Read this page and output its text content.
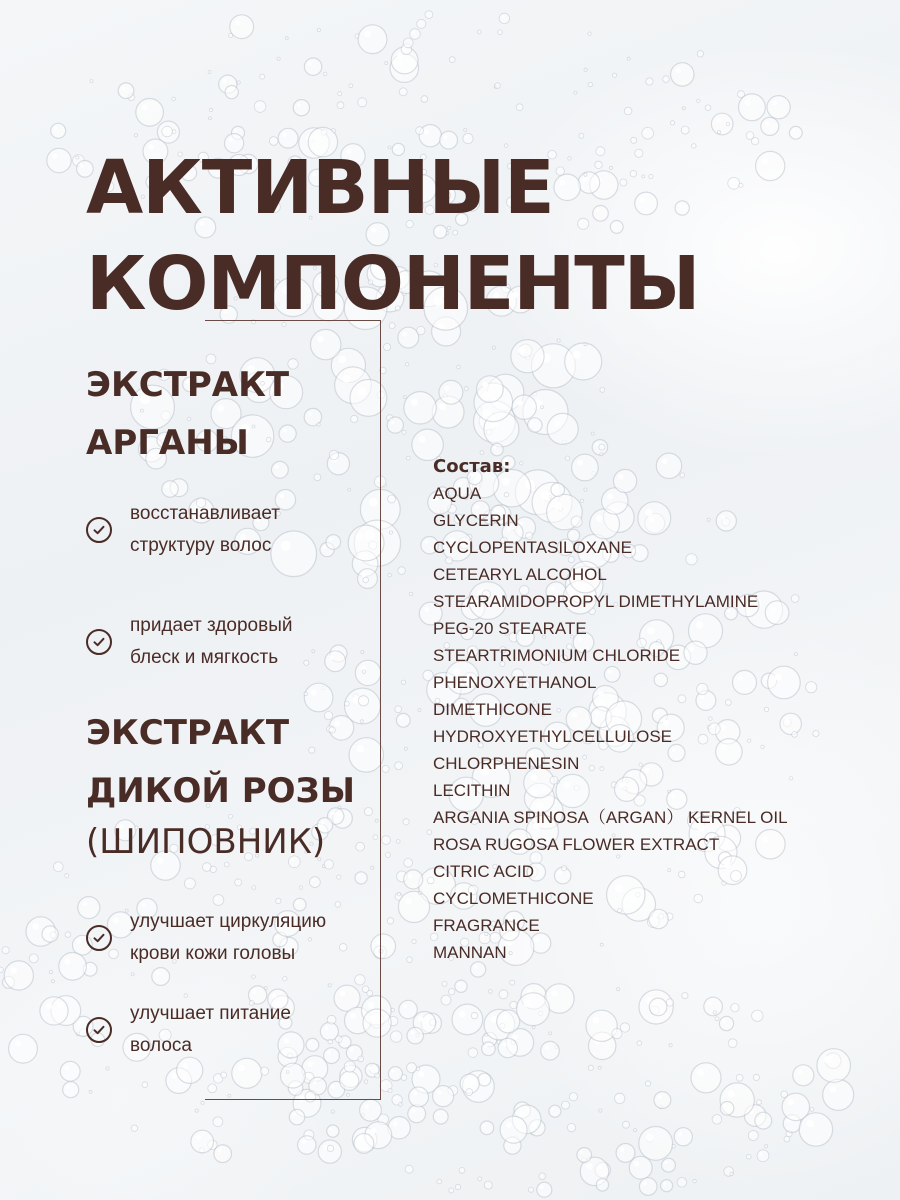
АКТИВНЫЕ
КОМПОНЕНТЫ
ЭКСТРАКТ
АРГАНЫ
восстанавливает
структуру волос
придает здоровый
блеск и мягкость
ЭКСТРАКТ
ДИКОЙ РОЗЫ

(ШИПОВНИК)

улучшает циркуляцию
крови кожи головы
улучшает питание
волоса
Состав:
AQUA
GLYCERIN
CYCLOPENTASILOXANE
CETEARYL ALCOHOL
STEARAMIDOPROPYL DIMETHYLAMINE
PEG-20 STEARATE
STEARTRIMONIUM CHLORIDE
PHENOXYETHANOL
DIMETHICONE
HYDROXYETHYLCELLULOSE
CHLORPHENESIN
LECITHIN
ARGANIA SPINOSA（ARGAN） KERNEL OIL
ROSA RUGOSA FLOWER EXTRACT
CITRIC ACID
CYCLOMETHICONE
FRAGRANCE
MANNAN
